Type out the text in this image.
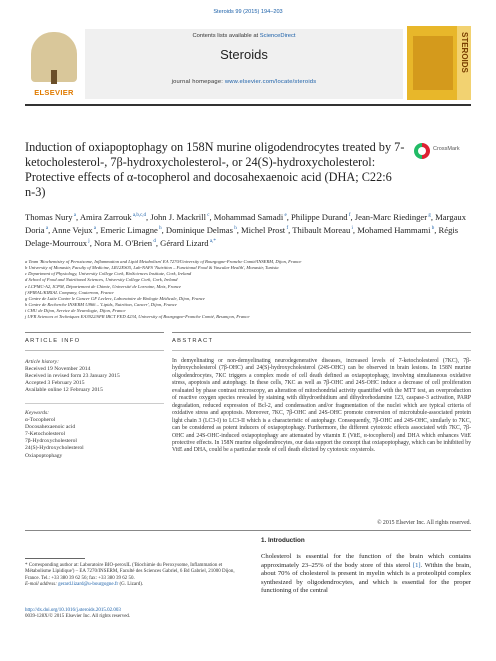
Steroids 99 (2015) 194–203
ELSEVIER
Contents lists available at ScienceDirect
Steroids
journal homepage: www.elsevier.com/locate/steroids
STEROIDS
Induction of oxiapoptophagy on 158N murine oligodendrocytes treated by 7-ketocholesterol-, 7β-hydroxycholesterol-, or 24(S)-hydroxycholesterol: Protective effects of α-tocopherol and docosahexaenoic acid (DHA; C22:6 n-3)
CrossMark
Thomas Nury $^a$, Amira Zarrouk $^{a,b,c,d}$, John J. Mackrill $^c$, Mohammad Samadi $^e$, Philippe Durand $^f$, Jean-Marc Riedinger $^g$, Margaux Doria $^a$, Anne Vejux $^a$, Emeric Limagne $^h$, Dominique Delmas $^h$, Michel Prost $^f$, Thibault Moreau $^i$, Mohamed Hammami $^b$, Régis Delage-Mourroux $^j$, Nora M. O'Brien $^d$, Gérard Lizard $^{a,*}$
a Team 'Biochemistry of Peroxisome, Inflammation and Lipid Metabolism' EA 7270/University of Bourgogne-Franche Comté/INSERM, Dijon, France
b University of Monastir, Faculty of Medicine, LR12ES05, Lab-NAFS 'Nutrition – Functional Food & Vascular Health', Monastir, Tunisia
c Department of Physiology, University College Cork, BioSciences Institute, Cork, Ireland
d School of Food and Nutritional Sciences, University College Cork, Cork, Ireland
e LCPMC-A2, ICPM, Département de Chimie, Université de Lorraine, Metz, France
f SPIRAL/KIRIAL Company, Couternon, France
g Centre de Lutte Contre le Cancer GF Leclerc, Laboratoire de Biologie Médicale, Dijon, France
h Centre de Recherche INSERM U866 – 'Lipids, Nutrition, Cancer', Dijon, France
i CHU de Dijon, Service de Neurologie, Dijon, France
j UFR Sciences et Techniques EA3922/SFR IBCT FED 4234, University of Bourgogne-Franche Comté, Besançon, France
ARTICLE INFO	ABSTRACT
Article history:
Received 19 November 2014
Received in revised form 23 January 2015
Accepted 3 February 2015
Available online 12 February 2015
Keywords:
α-Tocopherol
Docosahexaenoic acid
7-Ketocholesterol
7β-Hydroxycholesterol
24(S)-Hydroxycholesterol
Oxiapoptophagy
In demyelinating or non-demyelinating neurodegenerative diseases, increased levels of 7-ketocholesterol (7KC), 7β-hydroxycholesterol (7β-OHC) and 24(S)-hydroxycholesterol (24S-OHC) can be observed in brain lesions. In 158N murine oligodendrocytes, 7KC triggers a complex mode of cell death defined as oxiapoptophagy, involving simultaneous oxidative stress, apoptosis and autophagy. In these cells, 7KC as well as 7β-OHC and 24S-OHC induce a decrease of cell proliferation evaluated by phase contrast microscopy, an alteration of mitochondrial activity quantified with the MTT test, an overproduction of reactive oxygen species revealed by staining with dihydroethidium and dihydrorhodamine 123, caspase-3 activation, PARP degradation, reduced expression of Bcl-2, and condensation and/or fragmentation of the nuclei which are typical criteria of oxidative stress and apoptosis. Moreover, 7KC, 7β-OHC and 24S-OHC promote conversion of microtubule-associated protein light chain 3 (LC3-I) to LC3-II which is a characteristic of autophagy. Consequently, 7β-OHC and 24S-OHC, similarly to 7KC, can be considered as potent inducers of oxiapoptophagy. Furthermore, the different cytotoxic effects associated with 7KC, 7β-OHC and 24S-OHC-induced oxiapoptophagy are attenuated by vitamin E (VitE, α-tocopherol) and DHA which enhances VitE protective effects. In 158N murine oligodendrocytes, our data support the concept that oxiapoptophagy, which can be inhibited by VitE and DHA, could be a particular mode of cell death elicited by cytotoxic oxysterols.
© 2015 Elsevier Inc. All rights reserved.
1. Introduction
Cholesterol is essential for the function of the brain which contains approximately 23–25% of the body store of this sterol [1]. Within the brain, about 70% of cholesterol is present in myelin which is a proteolipid complex synthesized by oligodendrocytes, and which is essential for the proper functioning of the central
* Corresponding author at: Laboratoire BIO-peroxIL ('Biochimie du Peroxysome, Inflammation et Métabolisme Lipidique') – EA 7270/INSERM, Faculté des Sciences Gabriel, 6 Bd Gabriel, 21000 Dijon, France. Tel.: +33 380 39 62 56; fax: +33 380 39 62 50.
E-mail address: gerard.lizard@u-bourgogne.fr (G. Lizard).
http://dx.doi.org/10.1016/j.steroids.2015.02.003
0039-128X/© 2015 Elsevier Inc. All rights reserved.
